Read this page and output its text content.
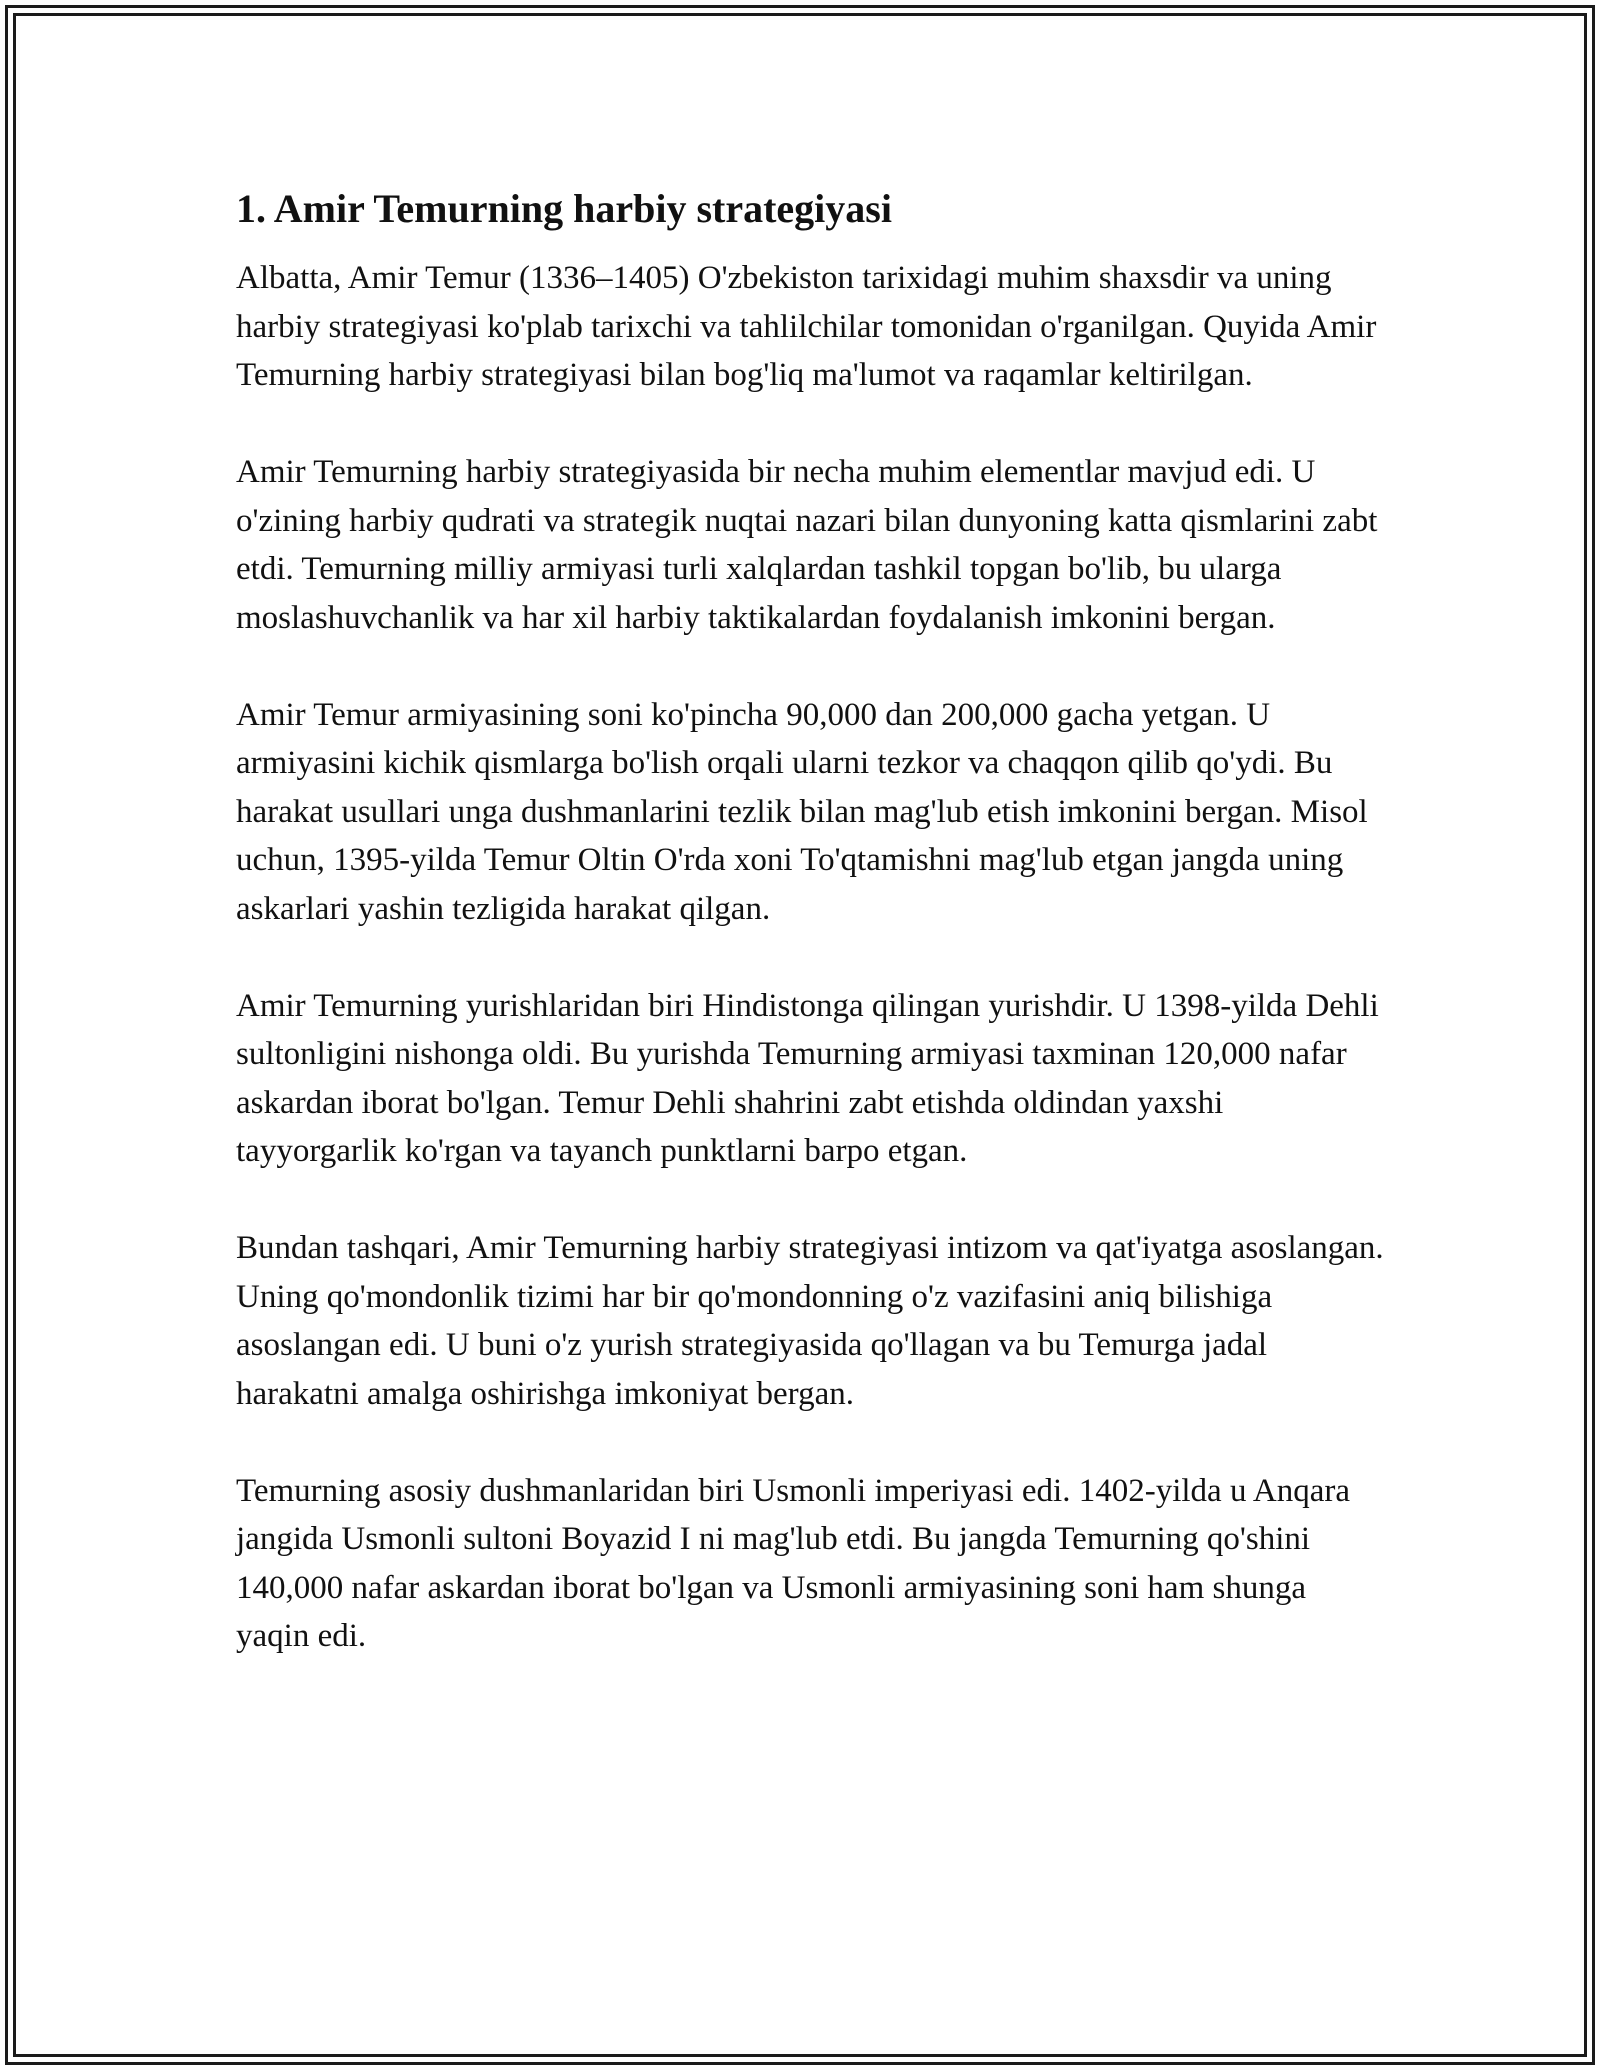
1. Amir Temurning harbiy strategiyasi

Albatta, Amir Temur (1336–1405) O'zbekiston tarixidagi muhim shaxsdir va uning harbiy strategiyasi ko'plab tarixchi va tahlilchilar tomonidan o'rganilgan. Quyida Amir Temurning harbiy strategiyasi bilan bog'liq ma'lumot va raqamlar keltirilgan.

Amir Temurning harbiy strategiyasida bir necha muhim elementlar mavjud edi. U o'zining harbiy qudrati va strategik nuqtai nazari bilan dunyoning katta qismlarini zabt etdi. Temurning milliy armiyasi turli xalqlardan tashkil topgan bo'lib, bu ularga moslashuvchanlik va har xil harbiy taktikalardan foydalanish imkonini bergan.

Amir Temur armiyasining soni ko'pincha 90,000 dan 200,000 gacha yetgan. U armiyasini kichik qismlarga bo'lish orqali ularni tezkor va chaqqon qilib qo'ydi. Bu harakat usullari unga dushmanlarini tezlik bilan mag'lub etish imkonini bergan. Misol uchun, 1395-yilda Temur Oltin O'rda xoni To'qtamishni mag'lub etgan jangda uning askarlari yashin tezligida harakat qilgan.

Amir Temurning yurishlaridan biri Hindistonga qilingan yurishdir. U 1398-yilda Dehli sultonligini nishonga oldi. Bu yurishda Temurning armiyasi taxminan 120,000 nafar askardan iborat bo'lgan. Temur Dehli shahrini zabt etishda oldindan yaxshi tayyorgarlik ko'rgan va tayanch punktlarni barpo etgan.

Bundan tashqari, Amir Temurning harbiy strategiyasi intizom va qat'iyatga asoslangan. Uning qo'mondonlik tizimi har bir qo'mondonning o'z vazifasini aniq bilishiga asoslangan edi. U buni o'z yurish strategiyasida qo'llagan va bu Temurga jadal harakatni amalga oshirishga imkoniyat bergan.

Temurning asosiy dushmanlaridan biri Usmonli imperiyasi edi. 1402-yilda u Anqara jangida Usmonli sultoni Boyazid I ni mag'lub etdi. Bu jangda Temurning qo'shini 140,000 nafar askardan iborat bo'lgan va Usmonli armiyasining soni ham shunga yaqin edi.
